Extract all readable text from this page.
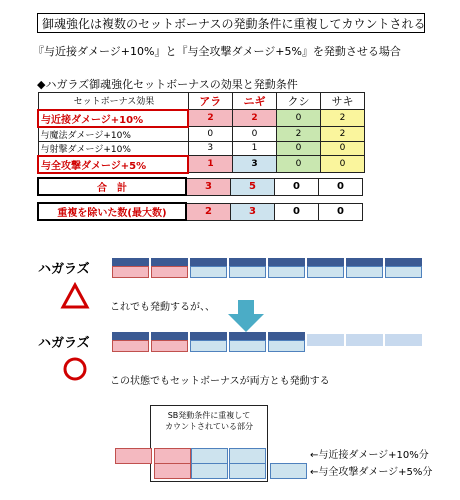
御魂強化は複数のセットボーナスの発動条件に重複してカウントされる
『与近接ダメージ+10%』と『与全攻撃ダメージ+5%』を発動させる場合
◆ハガラズ御魂強化セットボーナスの効果と発動条件
セットボーナス効果	アラ	ニギ	クシ	サキ
与近接ダメージ+10%	2	2	0	2
与魔法ダメージ+10%	0	0	2	2
与射撃ダメージ+10%	3	1	0	0
与全攻撃ダメージ+5%	1	3	0	0
合　計	3	5	0	0
重複を除いた数(最大数)	2	3	0	0
ハガラズ
これでも発動するが、、
ハガラズ
この状態でもセットボーナスが両方とも発動する
SB発動条件に重複して
カウントされている部分
←与近接ダメージ+10%分
←与全攻撃ダメージ+5%分
